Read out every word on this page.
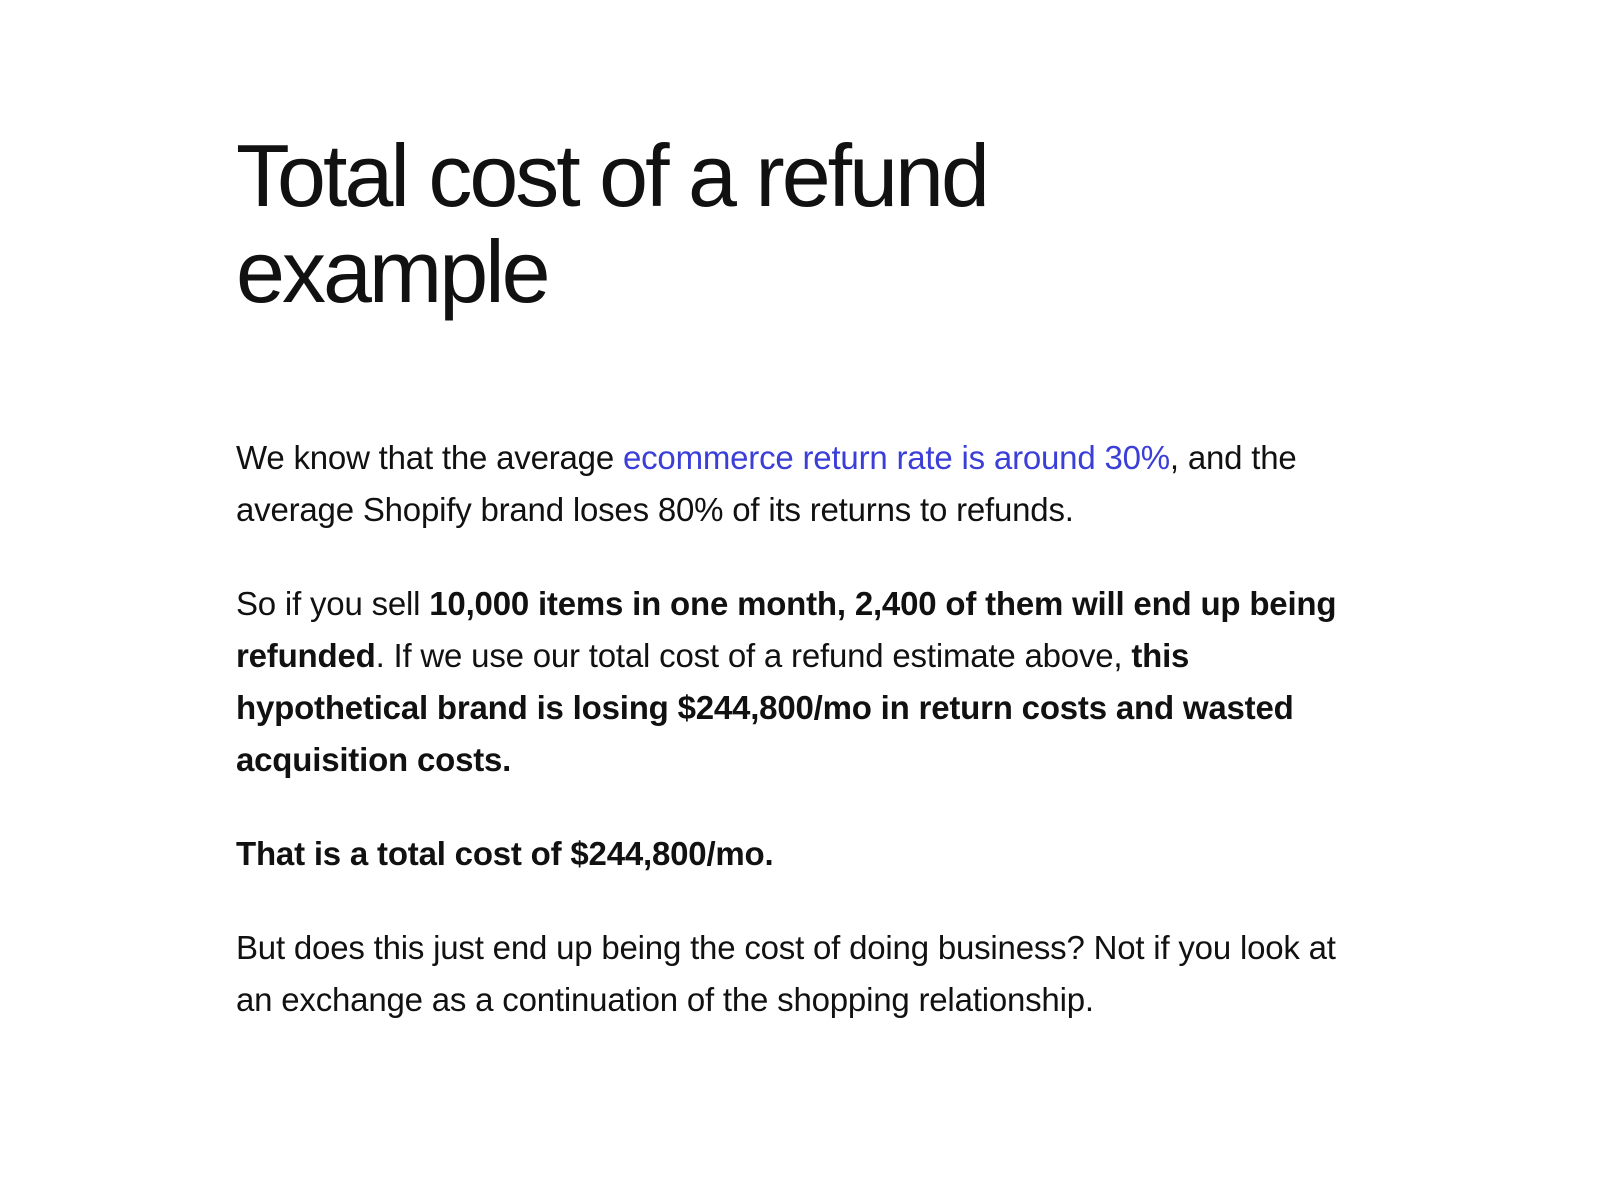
Total cost of a refund example

We know that the average ecommerce return rate is around 30%, and the average Shopify brand loses 80% of its returns to refunds.

So if you sell 10,000 items in one month, 2,400 of them will end up being refunded. If we use our total cost of a refund estimate above, this hypothetical brand is losing $244,800/mo in return costs and wasted acquisition costs.

That is a total cost of $244,800/mo.

But does this just end up being the cost of doing business? Not if you look at an exchange as a continuation of the shopping relationship.
